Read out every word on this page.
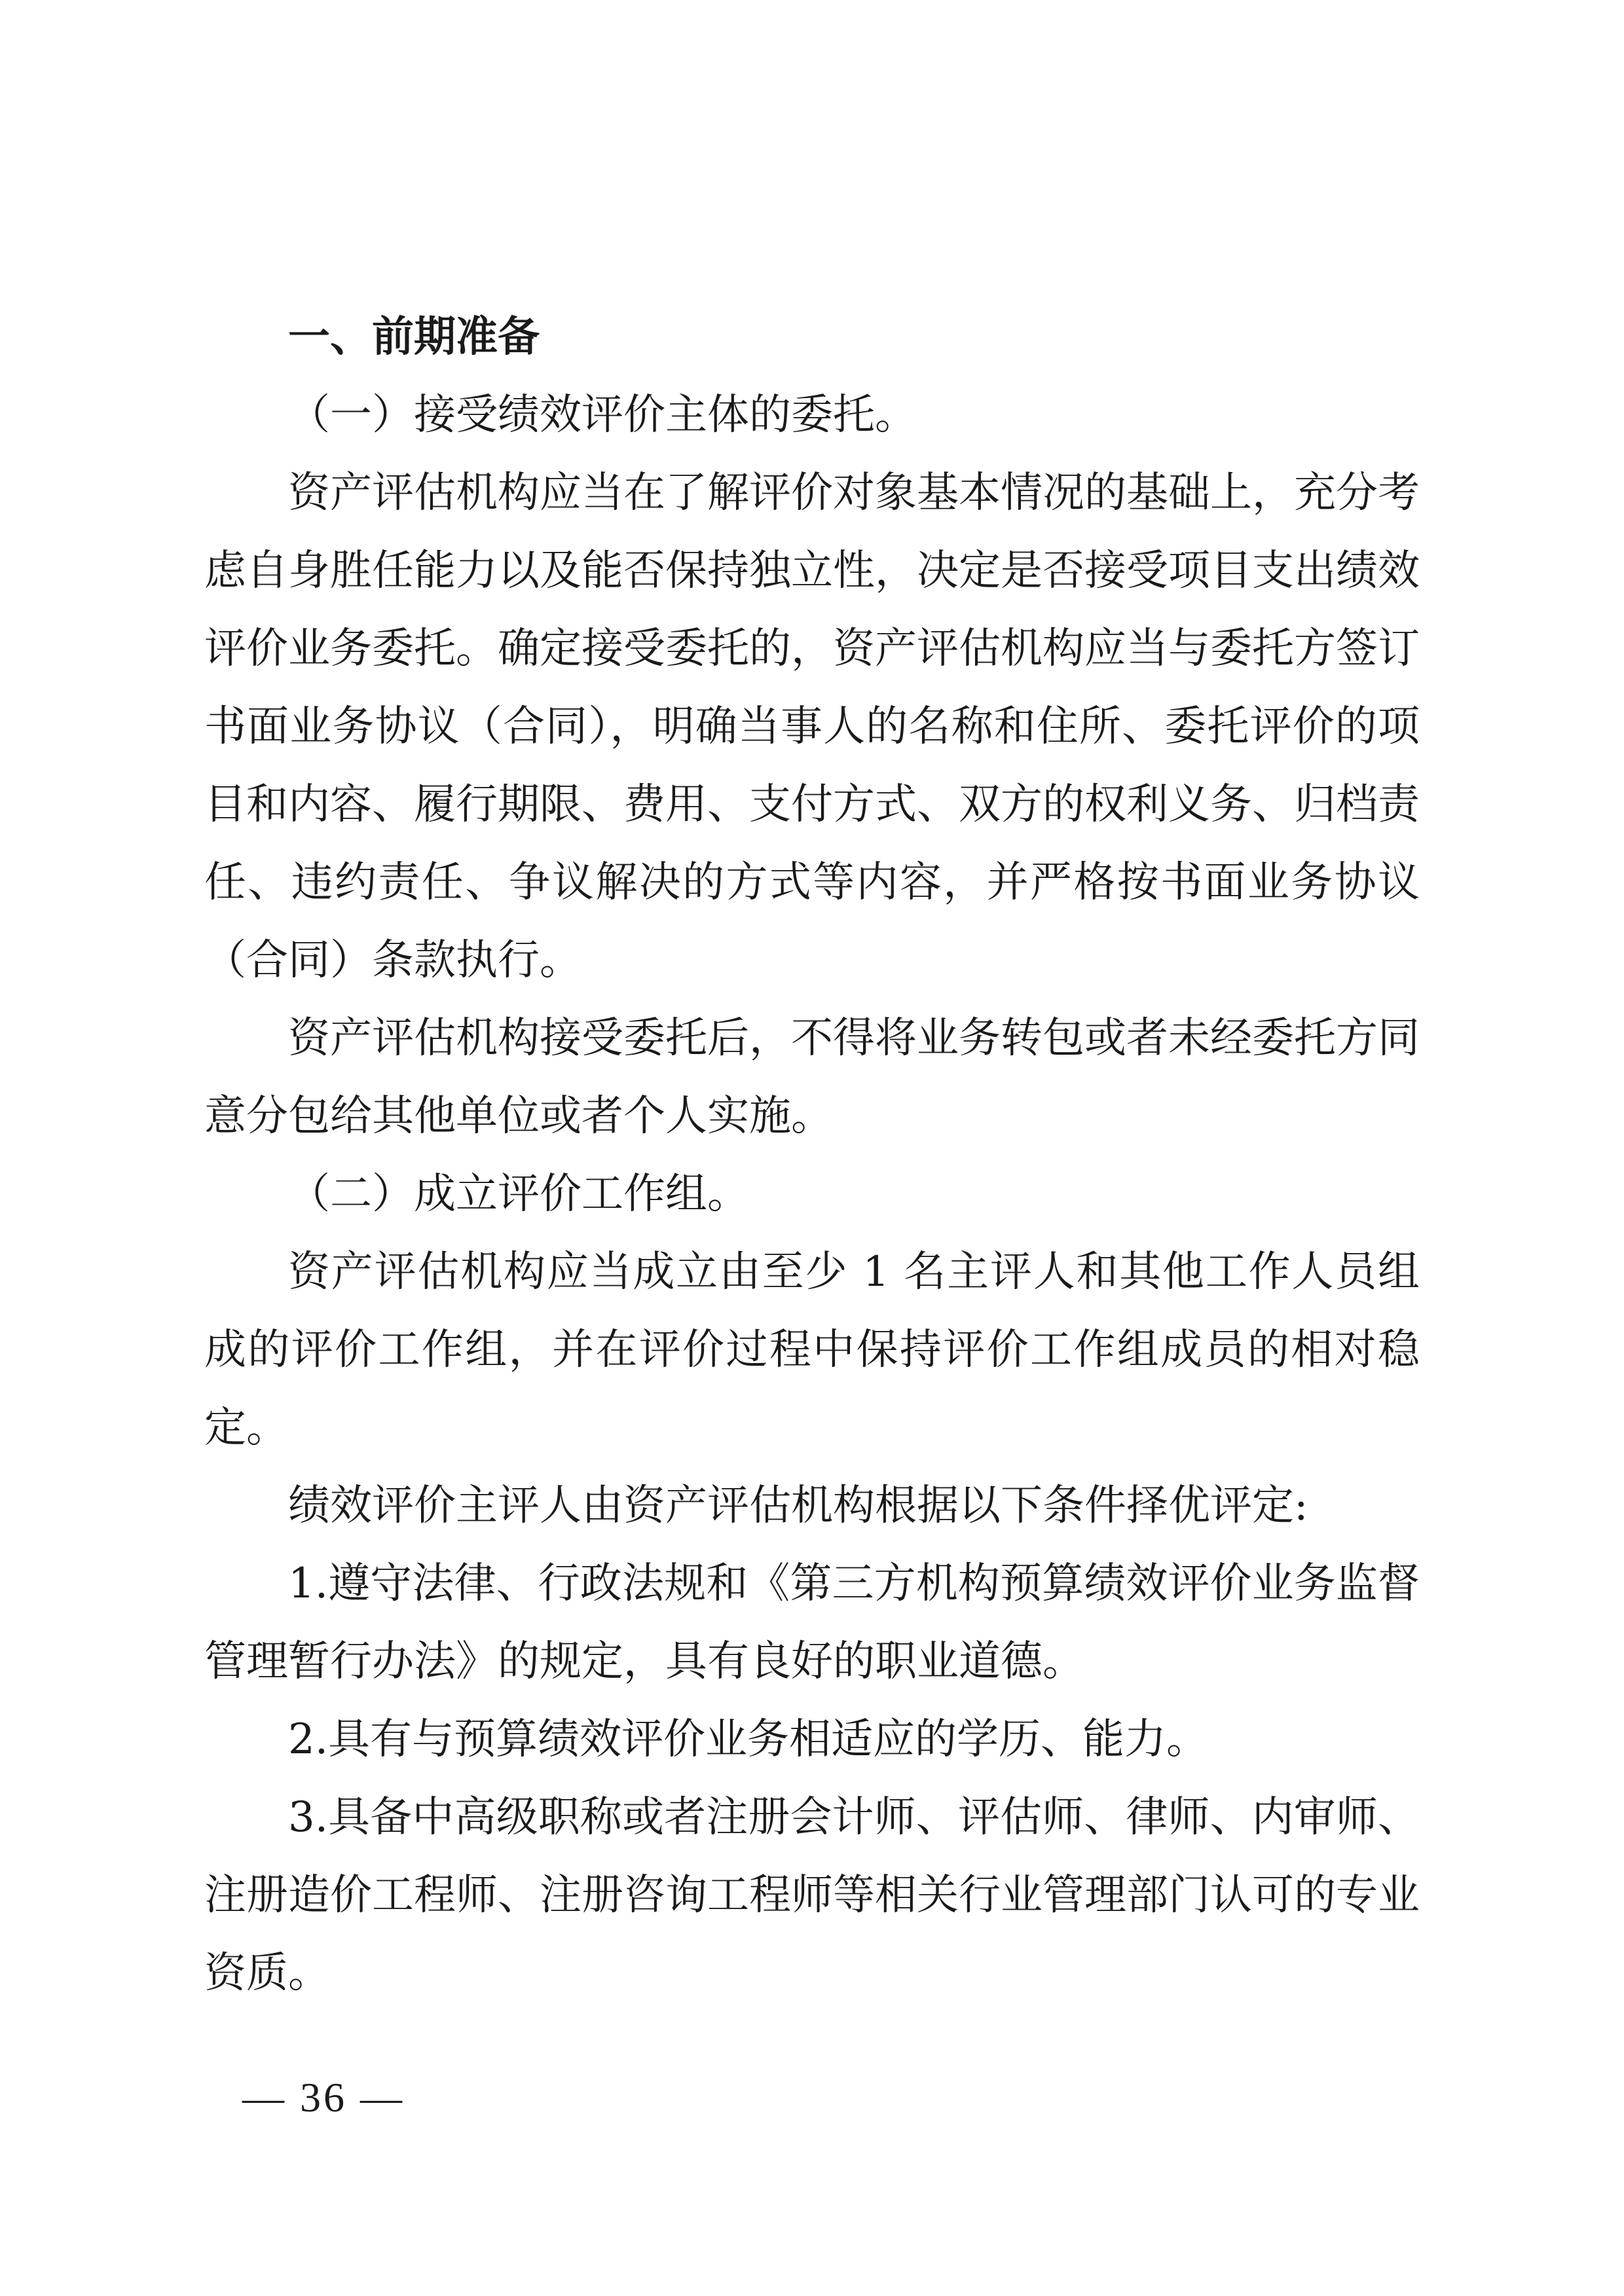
一、前期准备

（一）接受绩效评价主体的委托。

资产评估机构应当在了解评价对象基本情况的基础上，充分考虑自身胜任能力以及能否保持独立性，决定是否接受项目支出绩效评价业务委托。确定接受委托的，资产评估机构应当与委托方签订书面业务协议（合同），明确当事人的名称和住所、委托评价的项目和内容、履行期限、费用、支付方式、双方的权利义务、归档责任、违约责任、争议解决的方式等内容，并严格按书面业务协议（合同）条款执行。

资产评估机构接受委托后，不得将业务转包或者未经委托方同意分包给其他单位或者个人实施。

（二）成立评价工作组。

资产评估机构应当成立由至少 1 名主评人和其他工作人员组成的评价工作组，并在评价过程中保持评价工作组成员的相对稳定。

绩效评价主评人由资产评估机构根据以下条件择优评定:

1.遵守法律、行政法规和《第三方机构预算绩效评价业务监督管理暂行办法》的规定，具有良好的职业道德。

2.具有与预算绩效评价业务相适应的学历、能力。

3.具备中高级职称或者注册会计师、评估师、律师、内审师、注册造价工程师、注册咨询工程师等相关行业管理部门认可的专业资质。

— 36 —
